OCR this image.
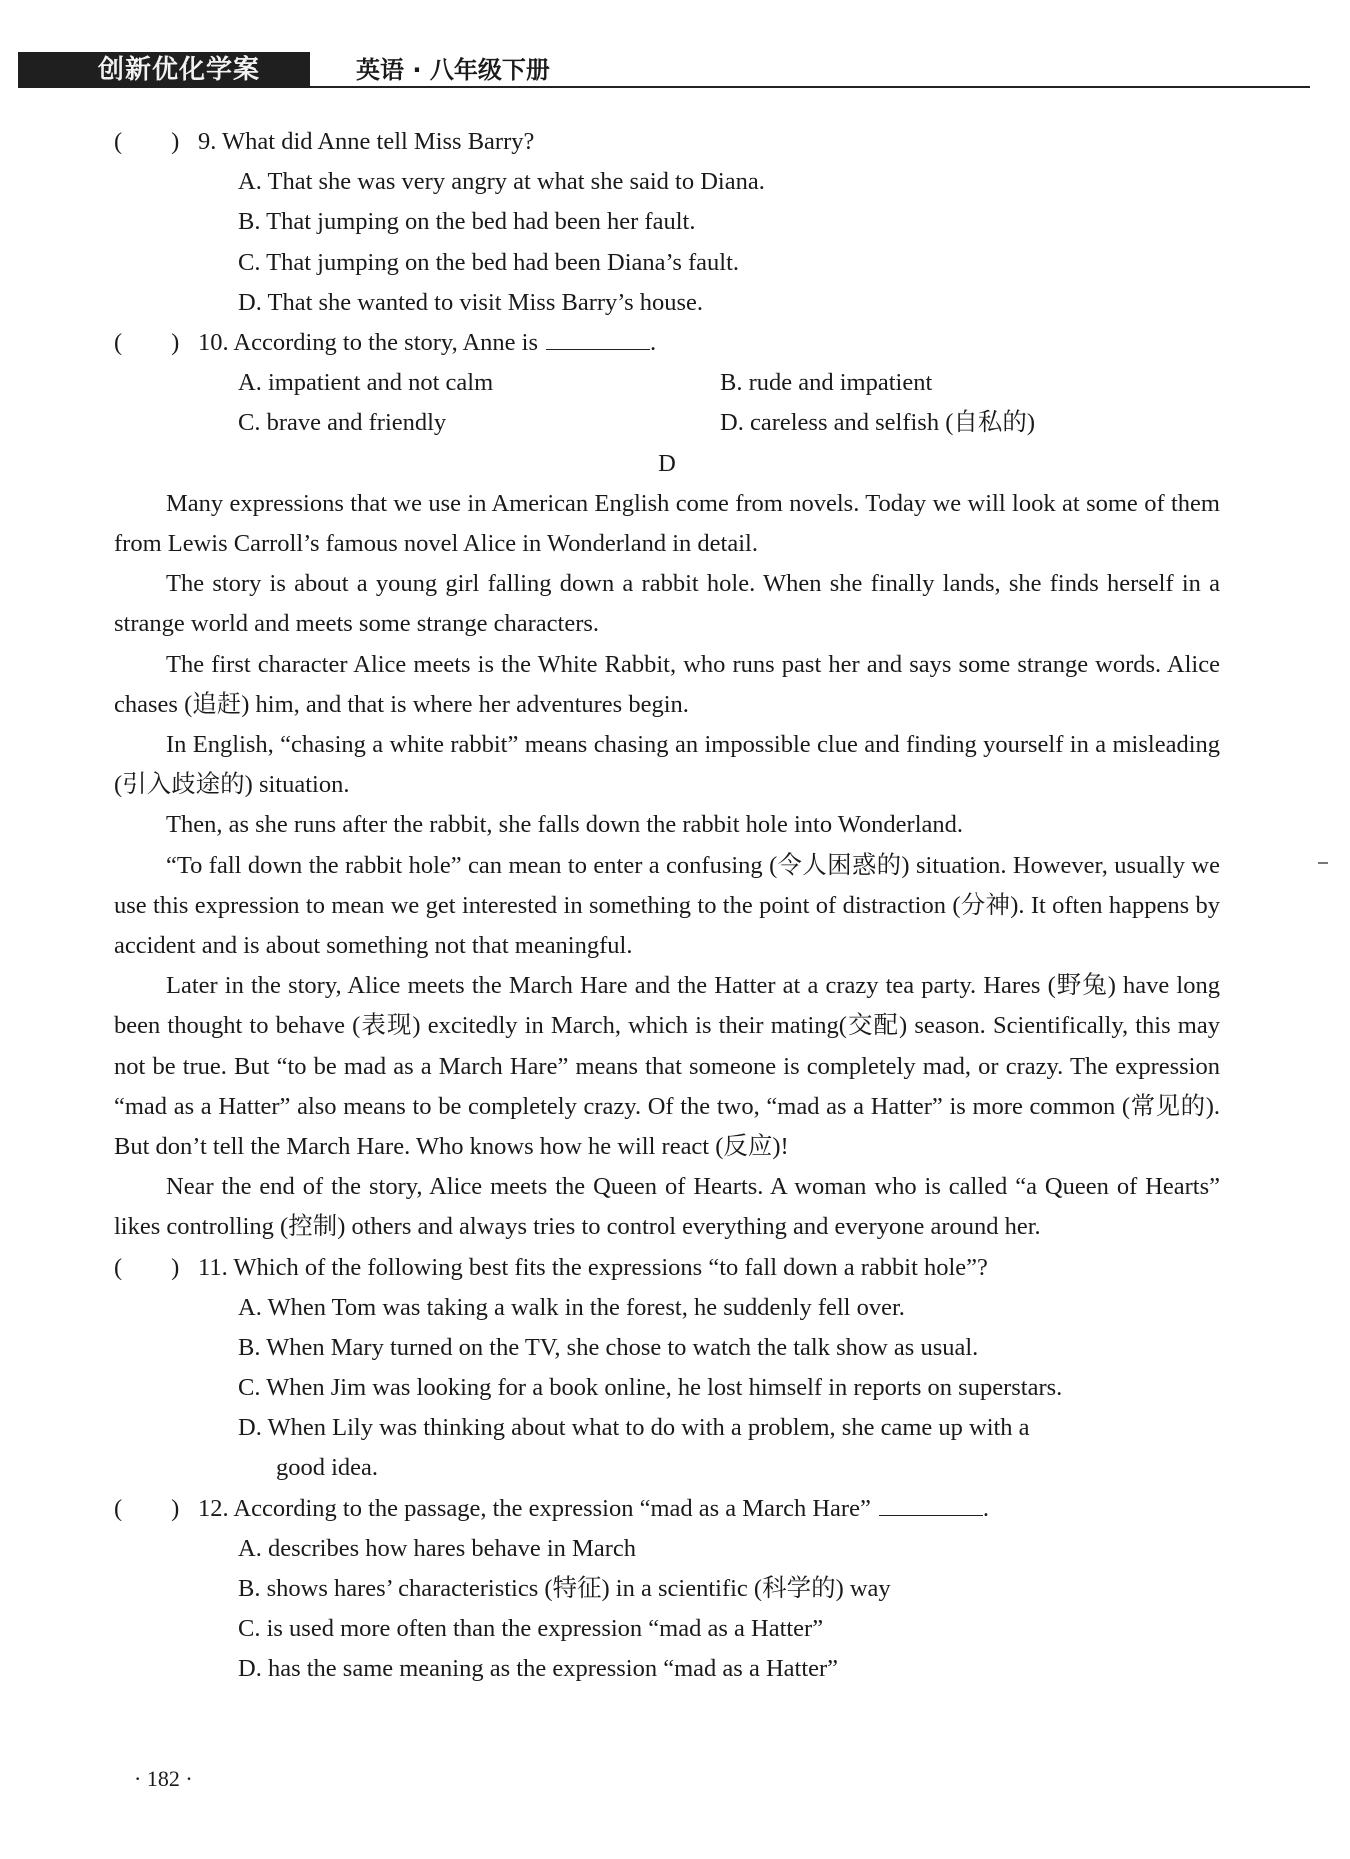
创新优化学案	英语 · 八年级下册
(　　) 9. What did Anne tell Miss Barry?
A. That she was very angry at what she said to Diana.
B. That jumping on the bed had been her fault.
C. That jumping on the bed had been Diana’s fault.
D. That she wanted to visit Miss Barry’s house.
(　　) 10. According to the story, Anne is	.
A. impatient and not calm	B. rude and impatient
C. brave and friendly	D. careless and selfish (自私的)
D

Many expressions that we use in American English come from novels. Today we will look at some of them from Lewis Carroll’s famous novel Alice in Wonderland in detail.

The story is about a young girl falling down a rabbit hole. When she finally lands, she finds herself in a strange world and meets some strange characters.

The first character Alice meets is the White Rabbit, who runs past her and says some strange words. Alice chases (追赶) him, and that is where her adventures begin.

In English, “chasing a white rabbit” means chasing an impossible clue and finding yourself in a misleading (引入歧途的) situation.

Then, as she runs after the rabbit, she falls down the rabbit hole into Wonderland.

“To fall down the rabbit hole” can mean to enter a confusing (令人困惑的) situation. However, usually we use this expression to mean we get interested in something to the point of distraction (分神). It often happens by accident and is about something not that meaningful.

Later in the story, Alice meets the March Hare and the Hatter at a crazy tea party. Hares (野兔) have long been thought to behave (表现) excitedly in March, which is their mating(交配) season. Scientifically, this may not be true. But “to be mad as a March Hare” means that someone is completely mad, or crazy. The expression “mad as a Hatter” also means to be completely crazy. Of the two, “mad as a Hatter” is more common (常见的). But don’t tell the March Hare. Who knows how he will react (反应)!

Near the end of the story, Alice meets the Queen of Hearts. A woman who is called “a Queen of Hearts” likes controlling (控制) others and always tries to control everything and everyone around her.

(　　) 11. Which of the following best fits the expressions “to fall down a rabbit hole”?
A. When Tom was taking a walk in the forest, he suddenly fell over.
B. When Mary turned on the TV, she chose to watch the talk show as usual.
C. When Jim was looking for a book online, he lost himself in reports on superstars.
D. When Lily was thinking about what to do with a problem, she came up with a
good idea.
(　　) 12. According to the passage, the expression “mad as a March Hare”	.
A. describes how hares behave in March
B. shows hares’ characteristics (特征) in a scientific (科学的) way
C. is used more often than the expression “mad as a Hatter”
D. has the same meaning as the expression “mad as a Hatter”
· 182 ·
